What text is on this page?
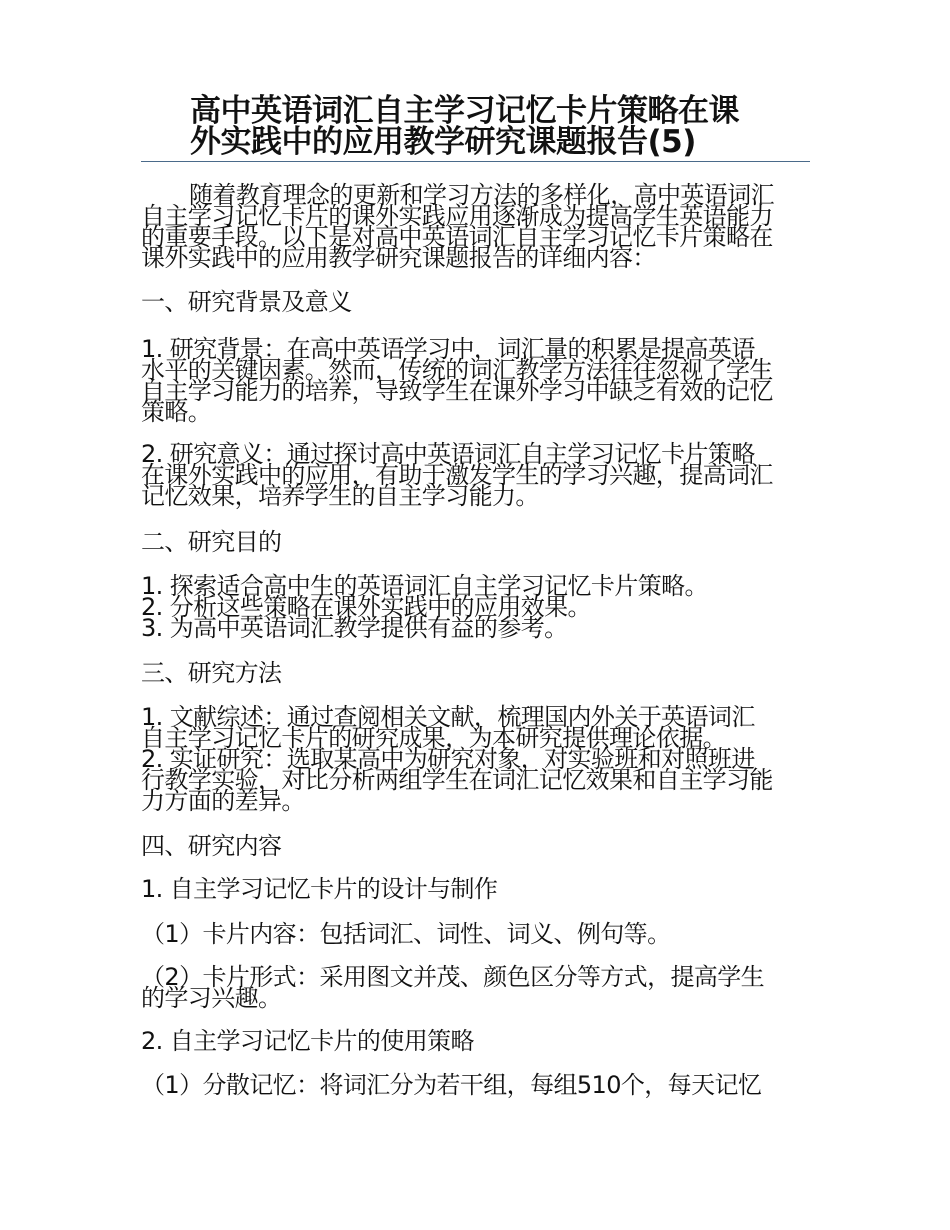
高中英语词汇自主学习记忆卡片策略在课
外实践中的应用教学研究课题报告(5)
随着教育理念的更新和学习方法的多样化，高中英语词汇
自主学习记忆卡片的课外实践应用逐渐成为提高学生英语能力
的重要手段。以下是对高中英语词汇自主学习记忆卡片策略在
课外实践中的应用教学研究课题报告的详细内容：
一、研究背景及意义
1. 研究背景：在高中英语学习中，词汇量的积累是提高英语
水平的关键因素。然而，传统的词汇教学方法往往忽视了学生
自主学习能力的培养，导致学生在课外学习中缺乏有效的记忆
策略。
2. 研究意义：通过探讨高中英语词汇自主学习记忆卡片策略
在课外实践中的应用，有助于激发学生的学习兴趣，提高词汇
记忆效果，培养学生的自主学习能力。
二、研究目的
1. 探索适合高中生的英语词汇自主学习记忆卡片策略。
2. 分析这些策略在课外实践中的应用效果。
3. 为高中英语词汇教学提供有益的参考。
三、研究方法
1. 文献综述：通过查阅相关文献，梳理国内外关于英语词汇
自主学习记忆卡片的研究成果，为本研究提供理论依据。
2. 实证研究：选取某高中为研究对象，对实验班和对照班进
行教学实验，对比分析两组学生在词汇记忆效果和自主学习能
力方面的差异。
四、研究内容
1. 自主学习记忆卡片的设计与制作
（1）卡片内容：包括词汇、词性、词义、例句等。
（2）卡片形式：采用图文并茂、颜色区分等方式，提高学生
的学习兴趣。
2. 自主学习记忆卡片的使用策略
（1）分散记忆：将词汇分为若干组，每组510个，每天记忆
